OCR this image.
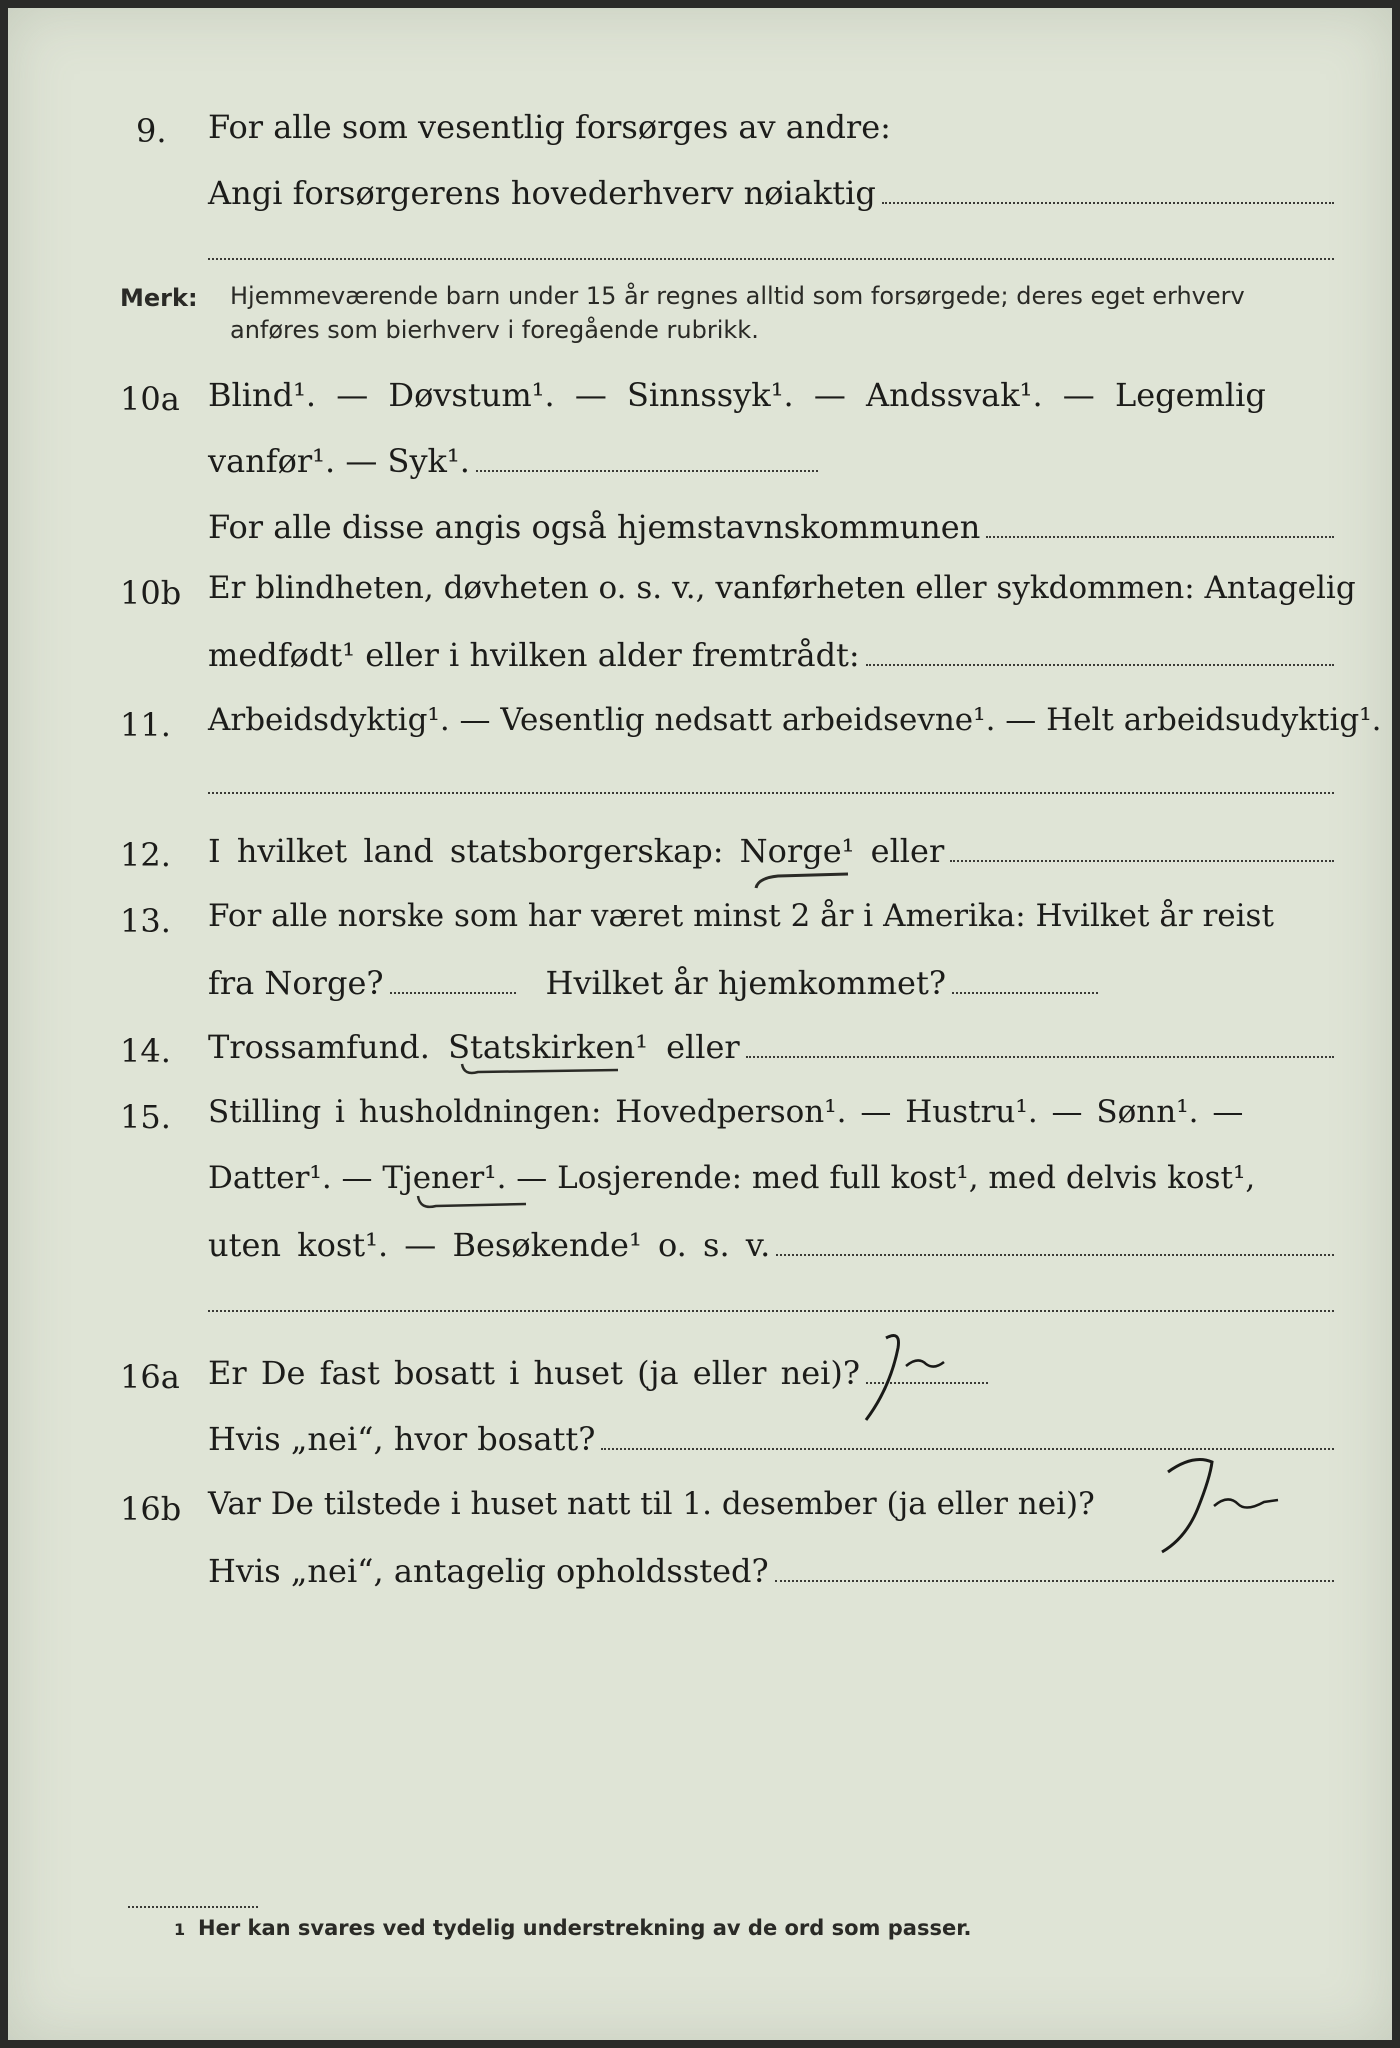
9.	For alle som vesentlig forsørges av andre:
Angi forsørgerens hovederhverv nøiaktig
Merk: Hjemmeværende barn under 15 år regnes alltid som forsørgede; deres eget erhverv
anføres som bierhverv i foregående rubrikk.
10a Blind¹. — Døvstum¹. — Sinnssyk¹. — Andssvak¹. — Legemlig
vanfør¹. — Syk¹.
For alle disse angis også hjemstavnskommunen
10b Er blindheten, døvheten o. s. v., vanførheten eller sykdommen: Antagelig
medfødt¹ eller i hvilken alder fremtrådt:
11.	Arbeidsdyktig¹. — Vesentlig nedsatt arbeidsevne¹. — Helt arbeidsudyktig¹.
12.	I hvilket land statsborgerskap: Norge¹ eller
13.	For alle norske som har været minst 2 år i Amerika: Hvilket år reist
fra Norge?	Hvilket år hjemkommet?
14.	Trossamfund. Statskirken¹ eller
15.	Stilling i husholdningen: Hovedperson¹. — Hustru¹. — Sønn¹. —
Datter¹. — Tjener¹. — Losjerende: med full kost¹, med delvis kost¹,
uten kost¹. — Besøkende¹ o. s. v.
16a Er De fast bosatt i huset (ja eller nei)?
Hvis „nei“, hvor bosatt?
16b Var De tilstede i huset natt til 1. desember (ja eller nei)?
Hvis „nei“, antagelig opholdssted?
1 Her kan svares ved tydelig understrekning av de ord som passer.
